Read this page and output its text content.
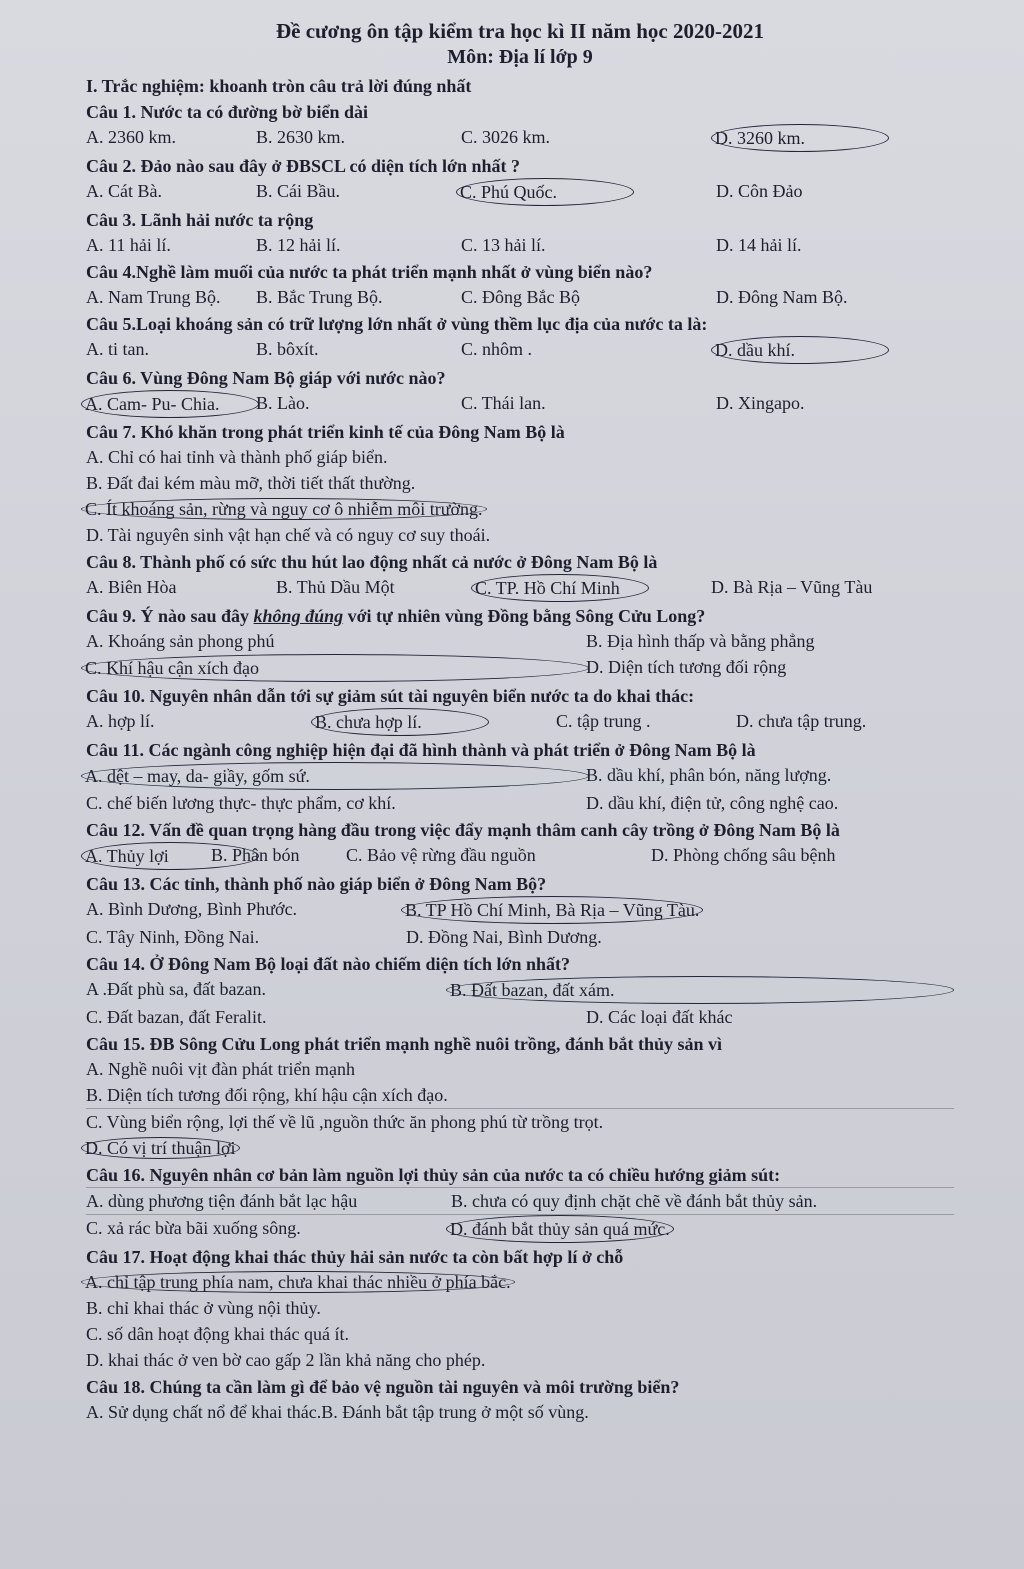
Đề cương ôn tập kiểm tra học kì II năm học 2020-2021

Môn: Địa lí lớp 9

I. Trắc nghiệm: khoanh tròn câu trả lời đúng nhất

Câu 1. Nước ta có đường bờ biển dài

A. 2360 km.	B. 2630 km.	C. 3026 km.	D. 3260 km.

Câu 2. Đảo nào sau đây ở ĐBSCL có diện tích lớn nhất ?

A. Cát Bà.	B. Cái Bầu.	C. Phú Quốc.	D. Côn Đảo

Câu 3. Lãnh hải nước ta rộng

A. 11 hải lí.	B. 12 hải lí.	C. 13 hải lí.	D. 14 hải lí.

Câu 4.Nghề làm muối của nước ta phát triển mạnh nhất ở vùng biển nào?

A. Nam Trung Bộ.	B. Bắc Trung Bộ.	C. Đông Bắc Bộ	D. Đông Nam Bộ.

Câu 5.Loại khoáng sản có trữ lượng lớn nhất ở vùng thềm lục địa của nước ta là:

A. ti tan.	B. bôxít.	C. nhôm .	D. dầu khí.

Câu 6. Vùng Đông Nam Bộ giáp với nước nào?

A. Cam- Pu- Chia.	B. Lào.	C. Thái lan.	D. Xingapo.

Câu 7. Khó khăn trong phát triển kinh tế của Đông Nam Bộ là

A. Chỉ có hai tỉnh và thành phố giáp biển.
B. Đất đai kém màu mỡ, thời tiết thất thường.
C. Ít khoáng sản, rừng và nguy cơ ô nhiễm môi trường.
D. Tài nguyên sinh vật hạn chế và có nguy cơ suy thoái.

Câu 8. Thành phố có sức thu hút lao động nhất cả nước ở Đông Nam Bộ là

A. Biên Hòa	B. Thủ Dầu Một	C. TP. Hồ Chí Minh	D. Bà Rịa – Vũng Tàu

Câu 9. Ý nào sau đây không đúng với tự nhiên vùng Đồng bằng Sông Cửu Long?

A. Khoáng sản phong phú	B. Địa hình thấp và bằng phẳng
C. Khí hậu cận xích đạo	D. Diện tích tương đối rộng

Câu 10. Nguyên nhân dẫn tới sự giảm sút tài nguyên biển nước ta do khai thác:

A. hợp lí.	B. chưa hợp lí.	C. tập trung .	D. chưa tập trung.

Câu 11. Các ngành công nghiệp hiện đại đã hình thành và phát triển ở Đông Nam Bộ là

A. dệt – may, da- giầy, gốm sứ.	B. dầu khí, phân bón, năng lượng.
C. chế biến lương thực- thực phẩm, cơ khí.	D. dầu khí, điện tử, công nghệ cao.

Câu 12. Vấn đề quan trọng hàng đầu trong việc đẩy mạnh thâm canh cây trồng ở Đông Nam Bộ là

A. Thủy lợi	B. Phân bón	C. Bảo vệ rừng đầu nguồn	D. Phòng chống sâu bệnh

Câu 13. Các tỉnh, thành phố nào giáp biển ở Đông Nam Bộ?

A. Bình Dương, Bình Phước.	B. TP Hồ Chí Minh, Bà Rịa – Vũng Tàu.
C. Tây Ninh, Đồng Nai.	D. Đồng Nai, Bình Dương.

Câu 14. Ở Đông Nam Bộ loại đất nào chiếm diện tích lớn nhất?

A .Đất phù sa, đất bazan.	B. Đất bazan, đất xám.
C. Đất bazan, đất Feralit.	D. Các loại đất khác

Câu 15. ĐB Sông Cửu Long phát triển mạnh nghề nuôi trồng, đánh bắt thủy sản vì

A. Nghề nuôi vịt đàn phát triển mạnh
B. Diện tích tương đối rộng, khí hậu cận xích đạo.
C. Vùng biển rộng, lợi thế về lũ ,nguồn thức ăn phong phú từ trồng trọt.
D. Có vị trí thuận lợi

Câu 16. Nguyên nhân cơ bản làm nguồn lợi thủy sản của nước ta có chiều hướng giảm sút:

A. dùng phương tiện đánh bắt lạc hậu	B. chưa có quy định chặt chẽ về đánh bắt thủy sản.
C. xả rác bừa bãi xuống sông.	D. đánh bắt thủy sản quá mức.

Câu 17. Hoạt động khai thác thủy hải sản nước ta còn bất hợp lí ở chỗ

A. chỉ tập trung phía nam, chưa khai thác nhiều ở phía bắc.
B. chỉ khai thác ở vùng nội thủy.
C. số dân hoạt động khai thác quá ít.
D. khai thác ở ven bờ cao gấp 2 lần khả năng cho phép.

Câu 18. Chúng ta cần làm gì để bảo vệ nguồn tài nguyên và môi trường biển?

A. Sử dụng chất nổ để khai thác.B. Đánh bắt tập trung ở một số vùng.
